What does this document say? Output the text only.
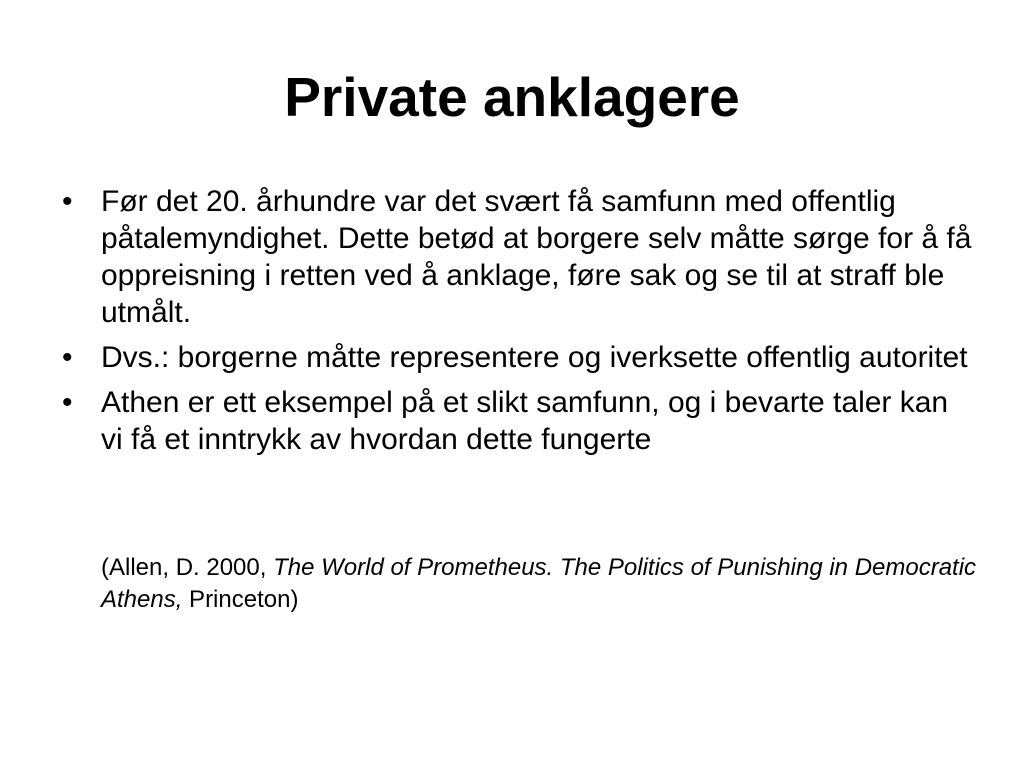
Private anklagere
• Før det 20. århundre var det svært få samfunn med offentlig påtalemyndighet. Dette betød at borgere selv måtte sørge for å få oppreisning i retten ved å anklage, føre sak og se til at straff ble utmålt.
• Dvs.: borgerne måtte representere og iverksette offentlig autoritet
• Athen er ett eksempel på et slikt samfunn, og i bevarte taler kan vi få et inntrykk av hvordan dette fungerte
(Allen, D. 2000, The World of Prometheus. The Politics of Punishing in Democratic Athens, Princeton)
